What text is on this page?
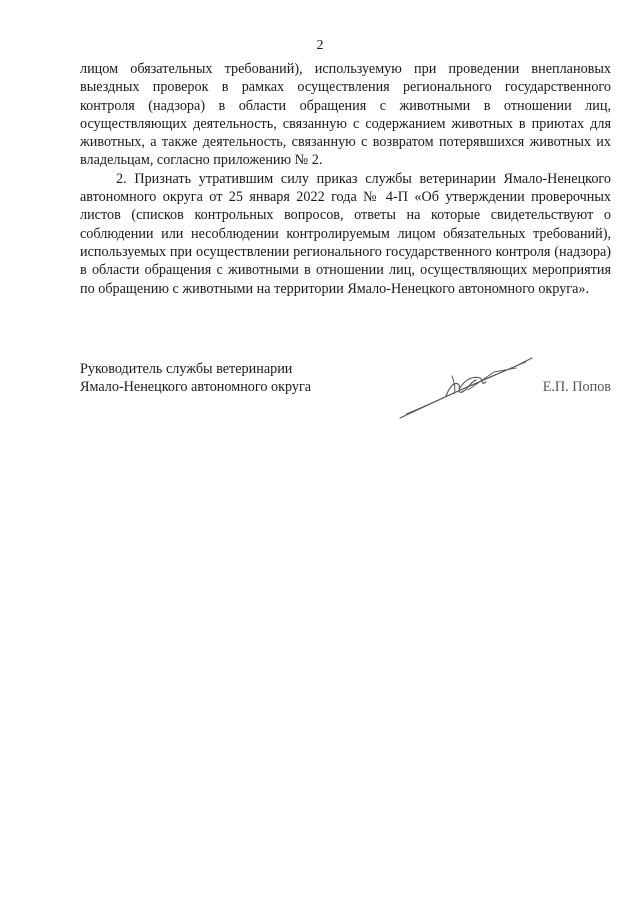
2

лицом обязательных требований), используемую при проведении внеплановых выездных проверок в рамках осуществления регионального государственного контроля (надзора) в области обращения с животными в отношении лиц, осуществляющих деятельность, связанную с содержанием животных в приютах для животных, а также деятельность, связанную с возвратом потерявшихся животных их владельцам, согласно приложению № 2.

2. Признать утратившим силу приказ службы ветеринарии Ямало-Ненецкого автономного округа от 25 января 2022 года № 4-П «Об утверждении проверочных листов (списков контрольных вопросов, ответы на которые свидетельствуют о соблюдении или несоблюдении контролируемым лицом обязательных требований), используемых при осуществлении регионального государственного контроля (надзора) в области обращения с животными в отношении лиц, осуществляющих мероприятия по обращению с животными на территории Ямало-Ненецкого автономного округа».

Руководитель службы ветеринарии
Ямало-Ненецкого автономного округа	Е.П. Попов
